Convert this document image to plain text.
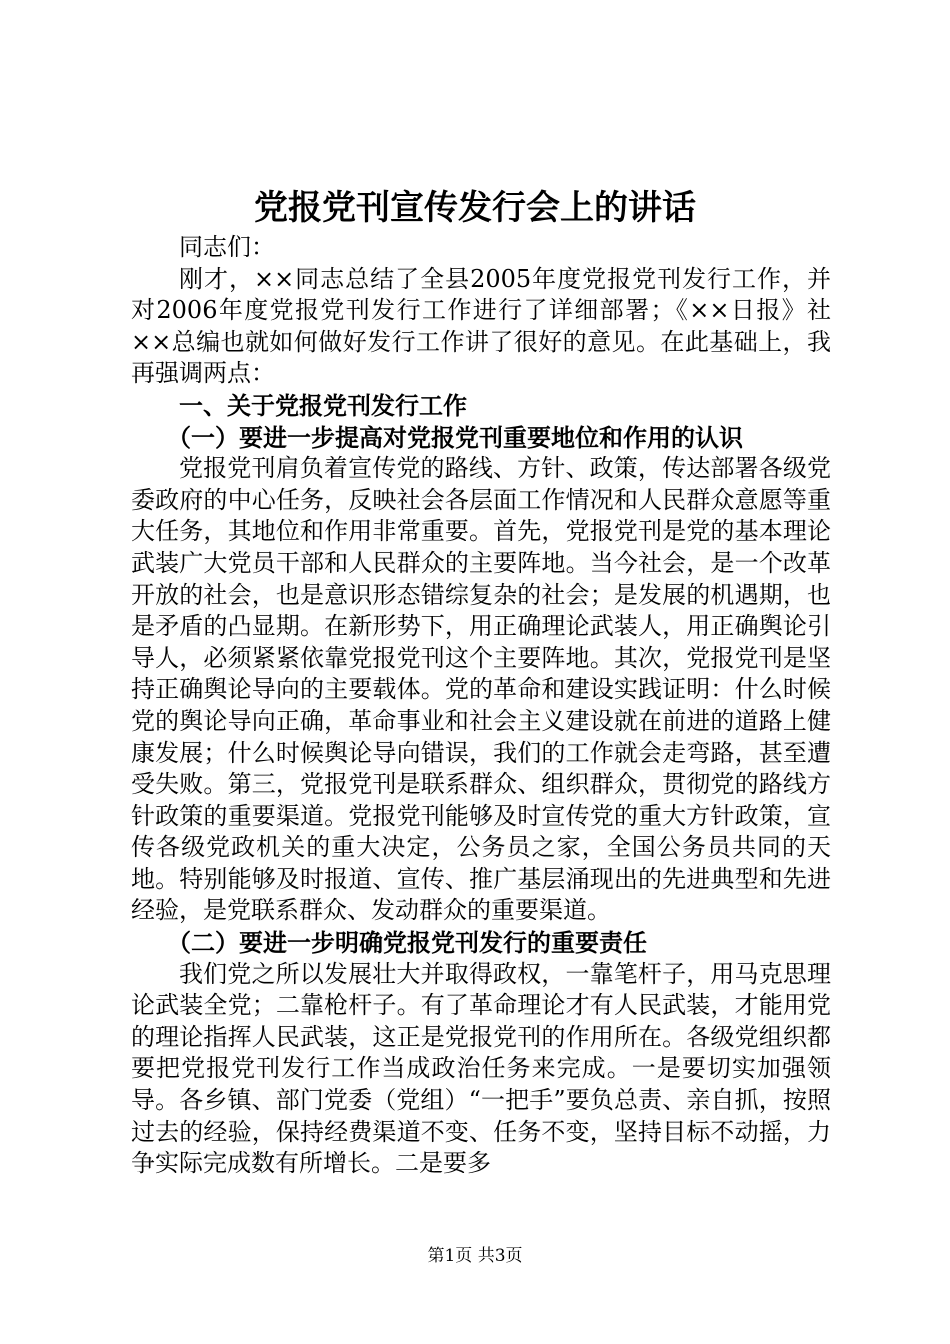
党报党刊宣传发行会上的讲话

同志们：

刚才，××同志总结了全县2005年度党报党刊发行工作，并对2006年度党报党刊发行工作进行了详细部署；《××日报》社××总编也就如何做好发行工作讲了很好的意见。在此基础上，我再强调两点：

一、关于党报党刊发行工作

（一）要进一步提高对党报党刊重要地位和作用的认识

党报党刊肩负着宣传党的路线、方针、政策，传达部署各级党委政府的中心任务，反映社会各层面工作情况和人民群众意愿等重大任务，其地位和作用非常重要。首先，党报党刊是党的基本理论武装广大党员干部和人民群众的主要阵地。当今社会，是一个改革开放的社会，也是意识形态错综复杂的社会；是发展的机遇期，也是矛盾的凸显期。在新形势下，用正确理论武装人，用正确舆论引导人，必须紧紧依靠党报党刊这个主要阵地。其次，党报党刊是坚持正确舆论导向的主要载体。党的革命和建设实践证明：什么时候党的舆论导向正确，革命事业和社会主义建设就在前进的道路上健康发展；什么时候舆论导向错误，我们的工作就会走弯路，甚至遭受失败。第三，党报党刊是联系群众、组织群众，贯彻党的路线方针政策的重要渠道。党报党刊能够及时宣传党的重大方针政策，宣传各级党政机关的重大决定，公务员之家，全国公务员共同的天地。特别能够及时报道、宣传、推广基层涌现出的先进典型和先进经验，是党联系群众、发动群众的重要渠道。

（二）要进一步明确党报党刊发行的重要责任

我们党之所以发展壮大并取得政权，一靠笔杆子，用马克思理论武装全党；二靠枪杆子。有了革命理论才有人民武装，才能用党的理论指挥人民武装，这正是党报党刊的作用所在。各级党组织都要把党报党刊发行工作当成政治任务来完成。一是要切实加强领导。各乡镇、部门党委（党组）“一把手”要负总责、亲自抓，按照过去的经验，保持经费渠道不变、任务不变，坚持目标不动摇，力争实际完成数有所增长。二是要多

第1页 共3页
